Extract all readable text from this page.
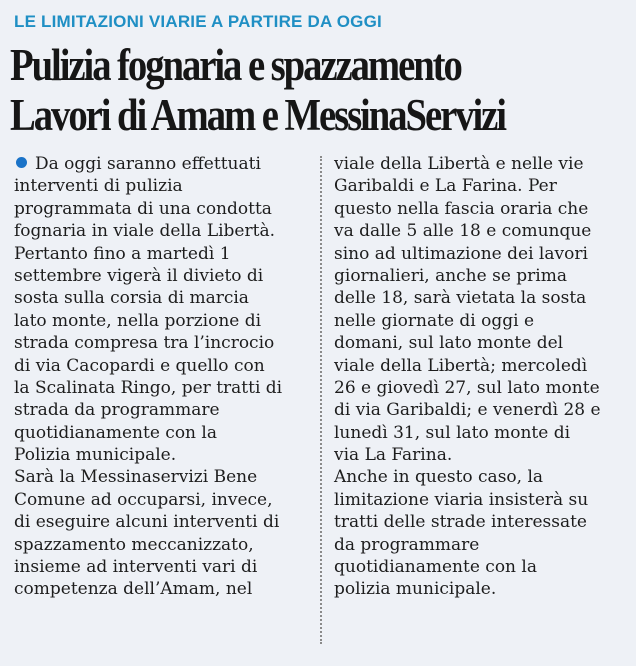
LE LIMITAZIONI VIARIE A PARTIRE DA OGGI
Pulizia fognaria e spazzamento
Lavori di Amam e MessinaServizi
Da oggi saranno effettuati
interventi di pulizia
programmata di una condotta
fognaria in viale della Libertà.
Pertanto fino a martedì 1
settembre vigerà il divieto di
sosta sulla corsia di marcia
lato monte, nella porzione di
strada compresa tra l’incrocio
di via Cacopardi e quello con
la Scalinata Ringo, per tratti di
strada da programmare
quotidianamente con la
Polizia municipale.
Sarà la Messinaservizi Bene
Comune ad occuparsi, invece,
di eseguire alcuni interventi di
spazzamento meccanizzato,
insieme ad interventi vari di
competenza dell’Amam, nel
viale della Libertà e nelle vie
Garibaldi e La Farina. Per
questo nella fascia oraria che
va dalle 5 alle 18 e comunque
sino ad ultimazione dei lavori
giornalieri, anche se prima
delle 18, sarà vietata la sosta
nelle giornate di oggi e
domani, sul lato monte del
viale della Libertà; mercoledì
26 e giovedì 27, sul lato monte
di via Garibaldi; e venerdì 28 e
lunedì 31, sul lato monte di
via La Farina.
Anche in questo caso, la
limitazione viaria insisterà su
tratti delle strade interessate
da programmare
quotidianamente con la
polizia municipale.
